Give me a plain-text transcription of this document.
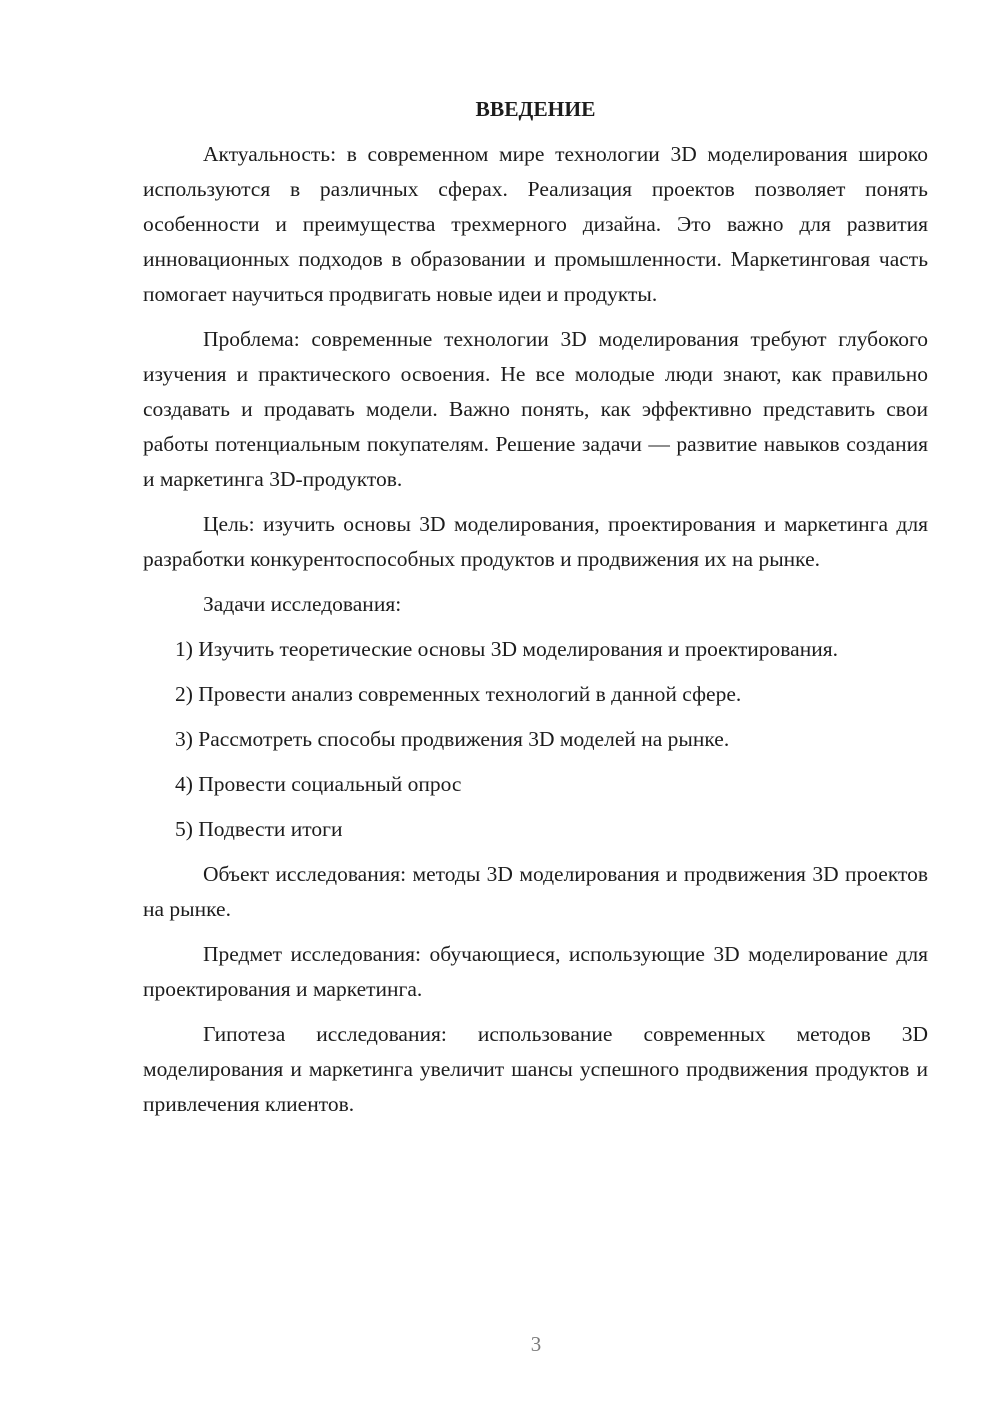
ВВЕДЕНИЕ

Актуальность: в современном мире технологии 3D моделирования широко используются в различных сферах. Реализация проектов позволяет понять особенности и преимущества трехмерного дизайна. Это важно для развития инновационных подходов в образовании и промышленности. Маркетинговая часть помогает научиться продвигать новые идеи и продукты.

Проблема: современные технологии 3D моделирования требуют глубокого изучения и практического освоения. Не все молодые люди знают, как правильно создавать и продавать модели. Важно понять, как эффективно представить свои работы потенциальным покупателям. Решение задачи — развитие навыков создания и маркетинга 3D-продуктов.

Цель: изучить основы 3D моделирования, проектирования и маркетинга для разработки конкурентоспособных продуктов и продвижения их на рынке.

Задачи исследования:

1) Изучить теоретические основы 3D моделирования и проектирования.

2) Провести анализ современных технологий в данной сфере.

3) Рассмотреть способы продвижения 3D моделей на рынке.

4) Провести социальный опрос

5) Подвести итоги

Объект исследования: методы 3D моделирования и продвижения 3D проектов на рынке.

Предмет исследования: обучающиеся, использующие 3D моделирование для проектирования и маркетинга.

Гипотеза исследования: использование современных методов 3D моделирования и маркетинга увеличит шансы успешного продвижения продуктов и привлечения клиентов.

3
